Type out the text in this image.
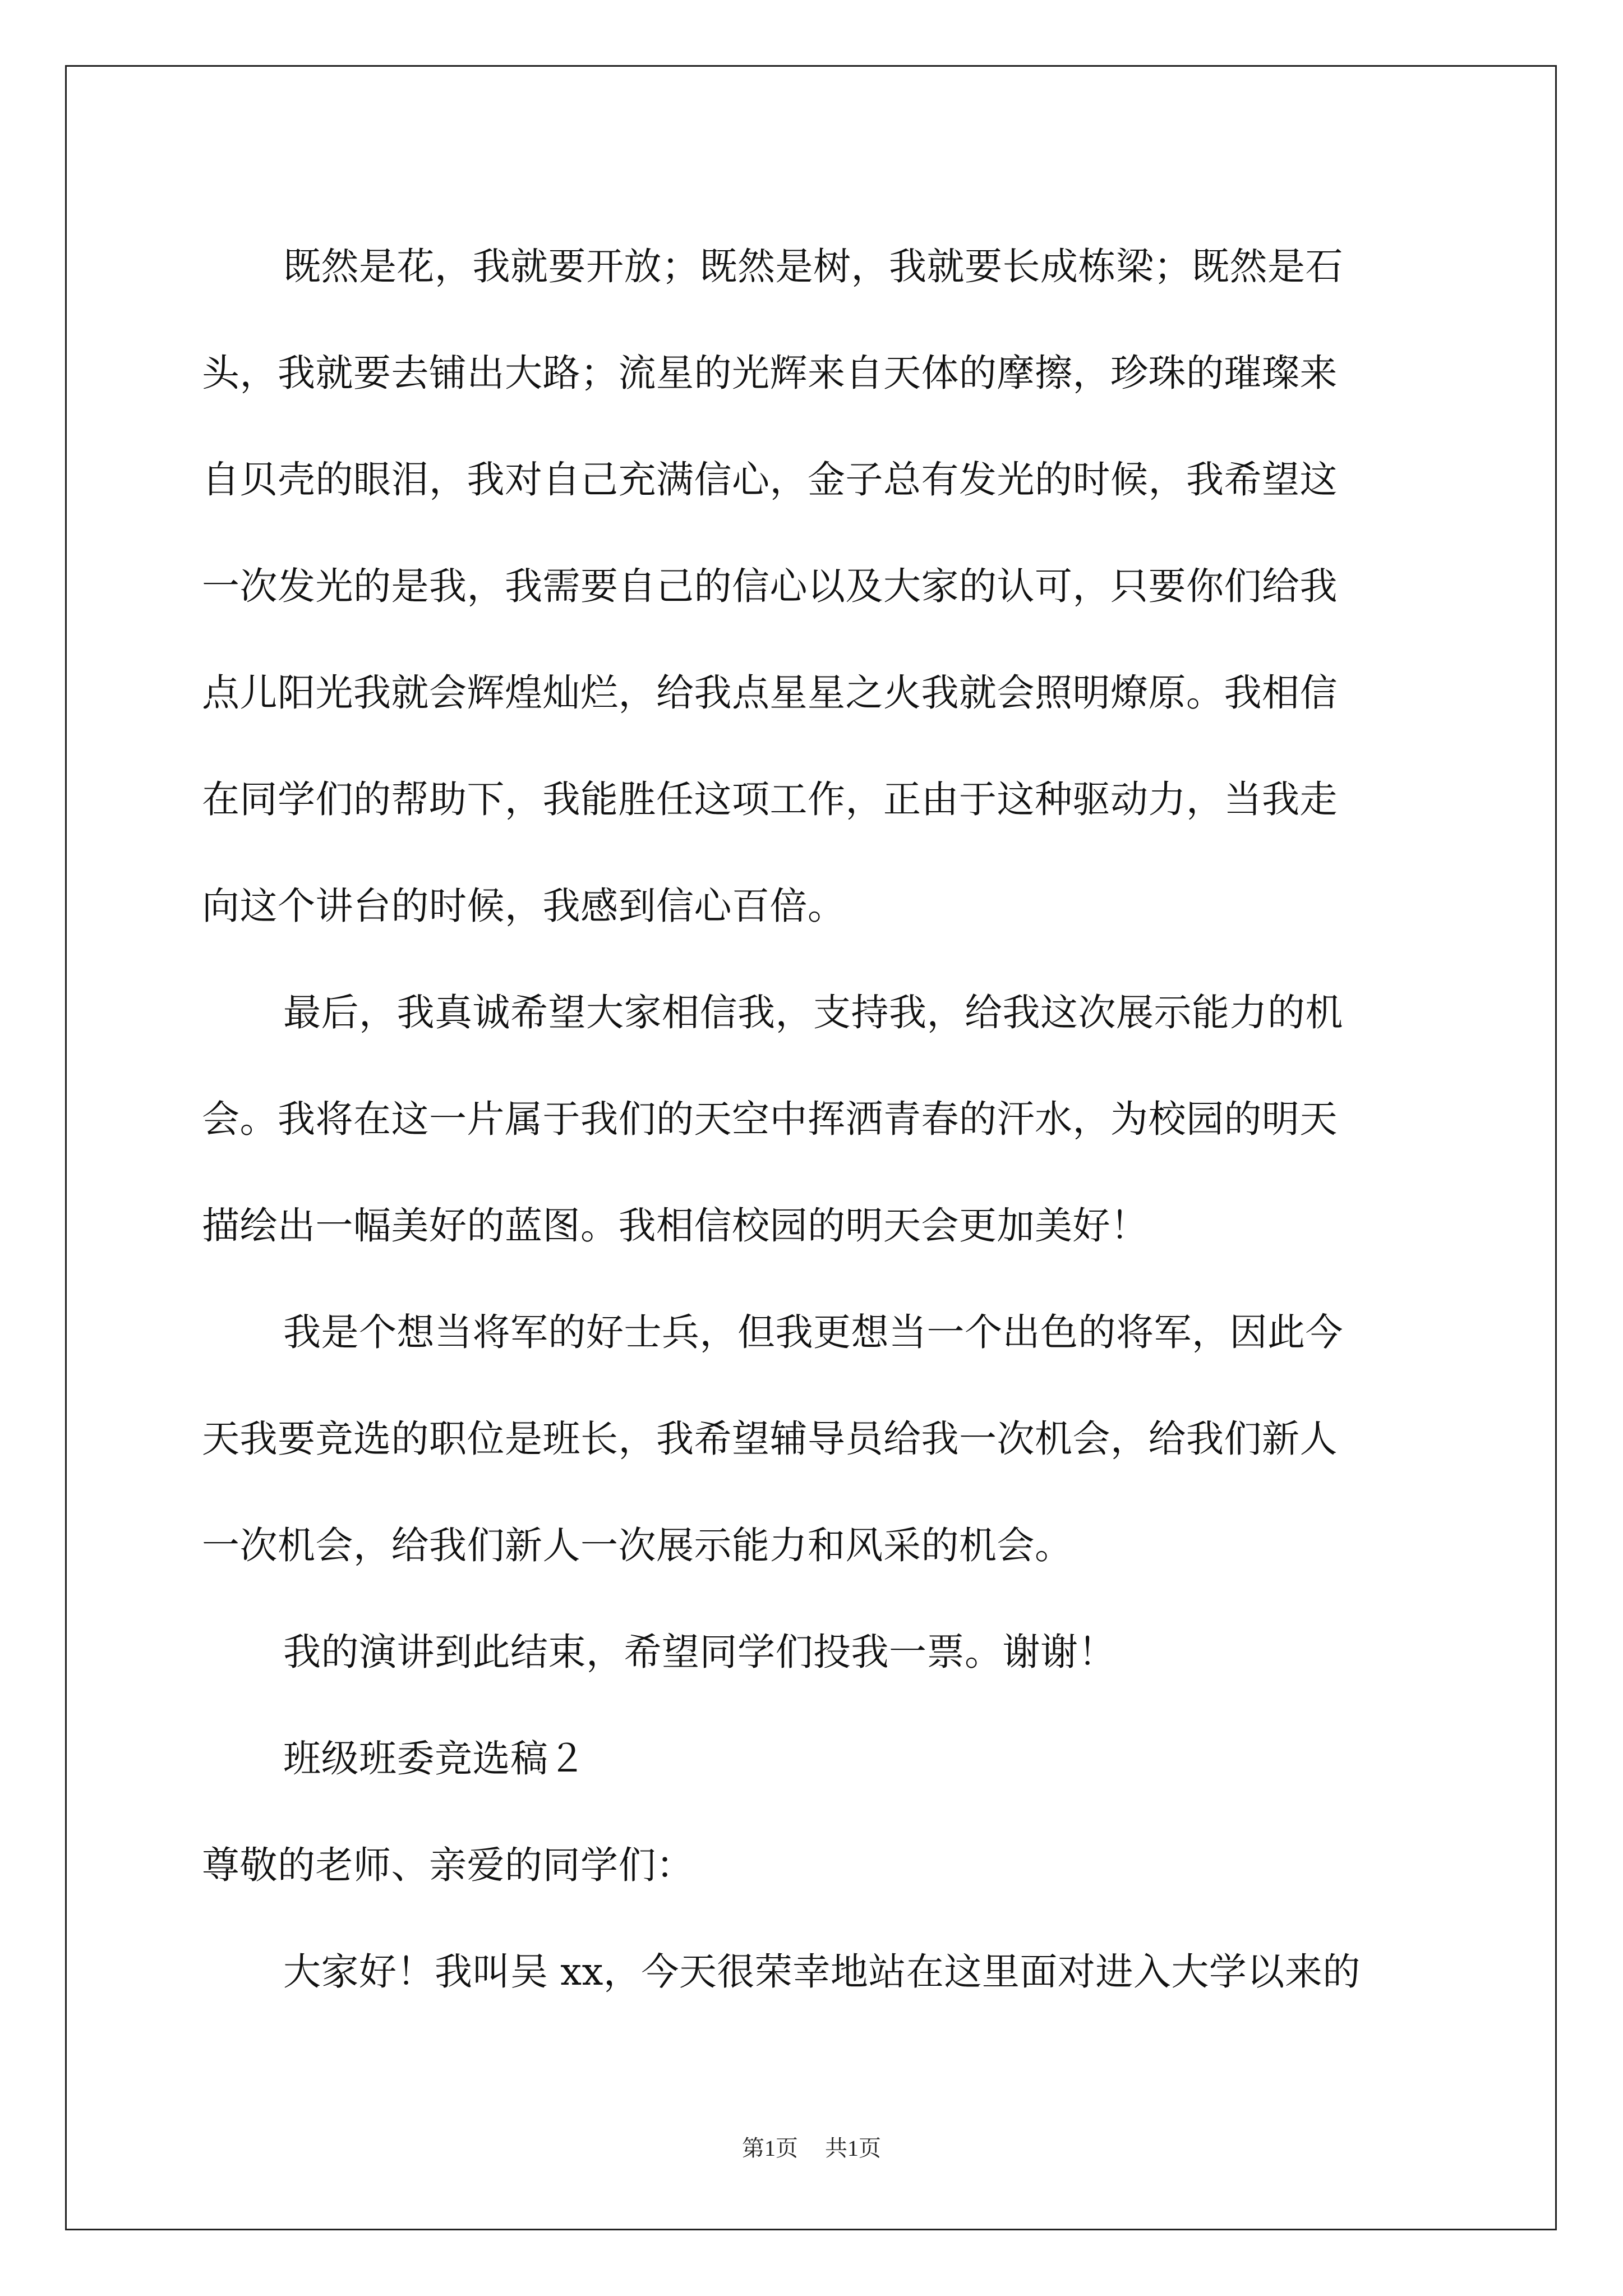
既然是花，我就要开放；既然是树，我就要长成栋梁；既然是石
头，我就要去铺出大路；流星的光辉来自天体的摩擦，珍珠的璀璨来
自贝壳的眼泪，我对自己充满信心，金子总有发光的时候，我希望这
一次发光的是我，我需要自己的信心以及大家的认可，只要你们给我
点儿阳光我就会辉煌灿烂，给我点星星之火我就会照明燎原。我相信
在同学们的帮助下，我能胜任这项工作，正由于这种驱动力，当我走
向这个讲台的时候，我感到信心百倍。
最后，我真诚希望大家相信我，支持我，给我这次展示能力的机
会。我将在这一片属于我们的天空中挥洒青春的汗水，为校园的明天
描绘出一幅美好的蓝图。我相信校园的明天会更加美好！
我是个想当将军的好士兵，但我更想当一个出色的将军，因此今
天我要竞选的职位是班长，我希望辅导员给我一次机会，给我们新人
一次机会，给我们新人一次展示能力和风采的机会。
我的演讲到此结束，希望同学们投我一票。谢谢！
班级班委竞选稿２
尊敬的老师、亲爱的同学们：
大家好！我叫吴 xx，今天很荣幸地站在这里面对进入大学以来的
第1页 共1页
